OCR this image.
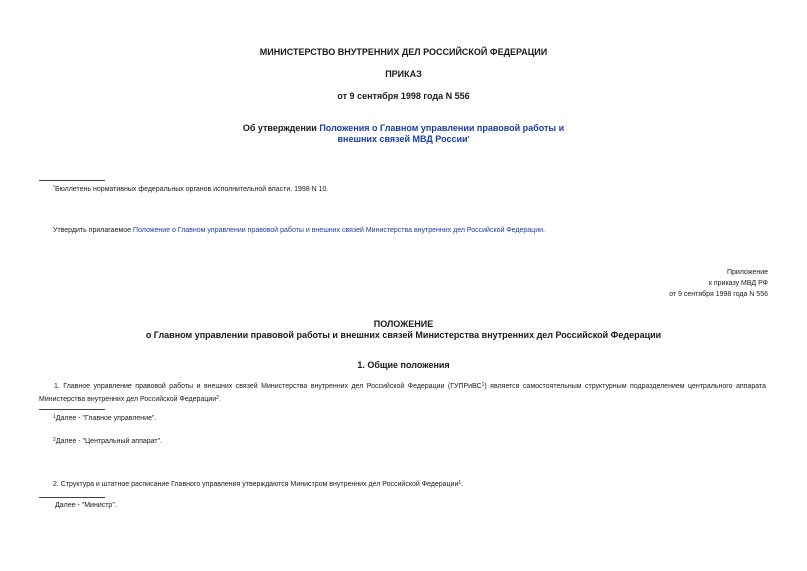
МИНИСТЕРСТВО ВНУТРЕННИХ ДЕЛ РОССИЙСКОЙ ФЕДЕРАЦИИ
ПРИКАЗ
от 9 сентября 1998 года N 556
Об утверждении Положения о Главном управлении правовой работы и
внешних связей МВД России*
*Бюллетень нормативных федеральных органов исполнительной власти. 1998 N 10.
Утвердить прилагаемое Положение о Главном управлении правовой работы и внешних связей Министерства внутренних дел Российской Федерации.
Приложение
к приказу МВД РФ
от 9 сентября 1998 года N 556
ПОЛОЖЕНИЕ
о Главном управлении правовой работы и внешних связей Министерства внутренних дел Российской Федерации
1. Общие положения
1. Главное управление правовой работы и внешних связей Министерства внутренних дел Российской Федерации (ГУПРиВС$^1$) является самостоятельным структурным подразделением центрального аппарата Министерства внутренних дел Российской Федерации$^2$.
$^1$Далее - "Главное управление".
$^2$Далее - "Центральный аппарат".
2. Структура и штатное расписание Главного управления утверждаются Министром внутренних дел Российской Федерации$^1$.
Далее - "Министр".
